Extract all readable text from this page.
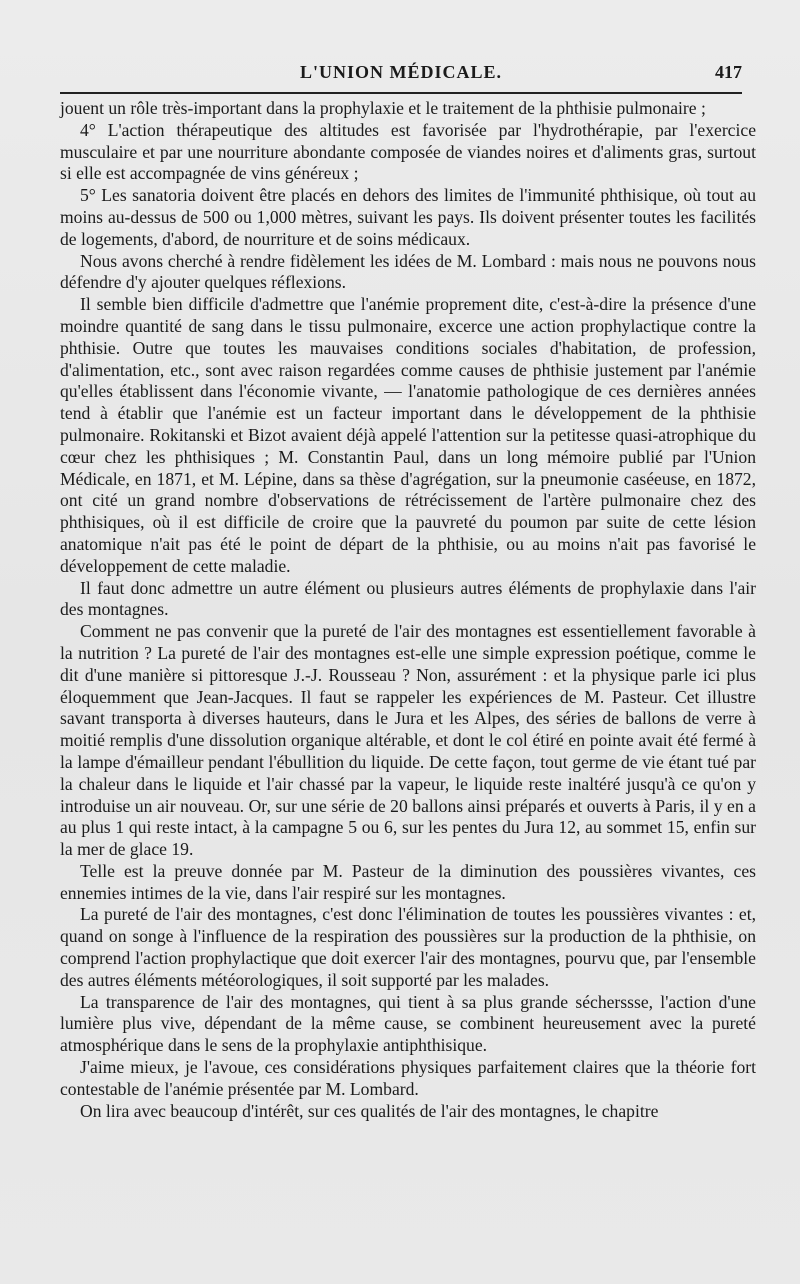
L'UNION MÉDICALE.	417

jouent un rôle très-important dans la prophylaxie et le traitement de la phthisie pulmonaire ;

4° L'action thérapeutique des altitudes est favorisée par l'hydrothérapie, par l'exercice musculaire et par une nourriture abondante composée de viandes noires et d'aliments gras, surtout si elle est accompagnée de vins généreux ;

5° Les sanatoria doivent être placés en dehors des limites de l'immunité phthisique, où tout au moins au-dessus de 500 ou 1,000 mètres, suivant les pays. Ils doivent présenter toutes les facilités de logements, d'abord, de nourriture et de soins médicaux.

Nous avons cherché à rendre fidèlement les idées de M. Lombard : mais nous ne pouvons nous défendre d'y ajouter quelques réflexions.

Il semble bien difficile d'admettre que l'anémie proprement dite, c'est-à-dire la présence d'une moindre quantité de sang dans le tissu pulmonaire, excerce une action prophylactique contre la phthisie. Outre que toutes les mauvaises conditions sociales d'habitation, de profession, d'alimentation, etc., sont avec raison regardées comme causes de phthisie justement par l'anémie qu'elles établissent dans l'économie vivante, — l'anatomie pathologique de ces dernières années tend à établir que l'anémie est un facteur important dans le développement de la phthisie pulmonaire. Rokitanski et Bizot avaient déjà appelé l'attention sur la petitesse quasi-atrophique du cœur chez les phthisiques ; M. Constantin Paul, dans un long mémoire publié par l'Union Médicale, en 1871, et M. Lépine, dans sa thèse d'agrégation, sur la pneumonie caséeuse, en 1872, ont cité un grand nombre d'observations de rétrécissement de l'artère pulmonaire chez des phthisiques, où il est difficile de croire que la pauvreté du poumon par suite de cette lésion anatomique n'ait pas été le point de départ de la phthisie, ou au moins n'ait pas favorisé le développement de cette maladie.

Il faut donc admettre un autre élément ou plusieurs autres éléments de prophylaxie dans l'air des montagnes.

Comment ne pas convenir que la pureté de l'air des montagnes est essentiellement favorable à la nutrition ? La pureté de l'air des montagnes est-elle une simple expression poétique, comme le dit d'une manière si pittoresque J.-J. Rousseau ? Non, assurément : et la physique parle ici plus éloquemment que Jean-Jacques. Il faut se rappeler les expériences de M. Pasteur. Cet illustre savant transporta à diverses hauteurs, dans le Jura et les Alpes, des séries de ballons de verre à moitié remplis d'une dissolution organique altérable, et dont le col étiré en pointe avait été fermé à la lampe d'émailleur pendant l'ébullition du liquide. De cette façon, tout germe de vie étant tué par la chaleur dans le liquide et l'air chassé par la vapeur, le liquide reste inaltéré jusqu'à ce qu'on y introduise un air nouveau. Or, sur une série de 20 ballons ainsi préparés et ouverts à Paris, il y en a au plus 1 qui reste intact, à la campagne 5 ou 6, sur les pentes du Jura 12, au sommet 15, enfin sur la mer de glace 19.

Telle est la preuve donnée par M. Pasteur de la diminution des poussières vivantes, ces ennemies intimes de la vie, dans l'air respiré sur les montagnes.

La pureté de l'air des montagnes, c'est donc l'élimination de toutes les poussières vivantes : et, quand on songe à l'influence de la respiration des poussières sur la production de la phthisie, on comprend l'action prophylactique que doit exercer l'air des montagnes, pourvu que, par l'ensemble des autres éléments météorologiques, il soit supporté par les malades.

La transparence de l'air des montagnes, qui tient à sa plus grande sécherssse, l'action d'une lumière plus vive, dépendant de la même cause, se combinent heureusement avec la pureté atmosphérique dans le sens de la prophylaxie antiphthisique.

J'aime mieux, je l'avoue, ces considérations physiques parfaitement claires que la théorie fort contestable de l'anémie présentée par M. Lombard.

On lira avec beaucoup d'intérêt, sur ces qualités de l'air des montagnes, le chapitre
